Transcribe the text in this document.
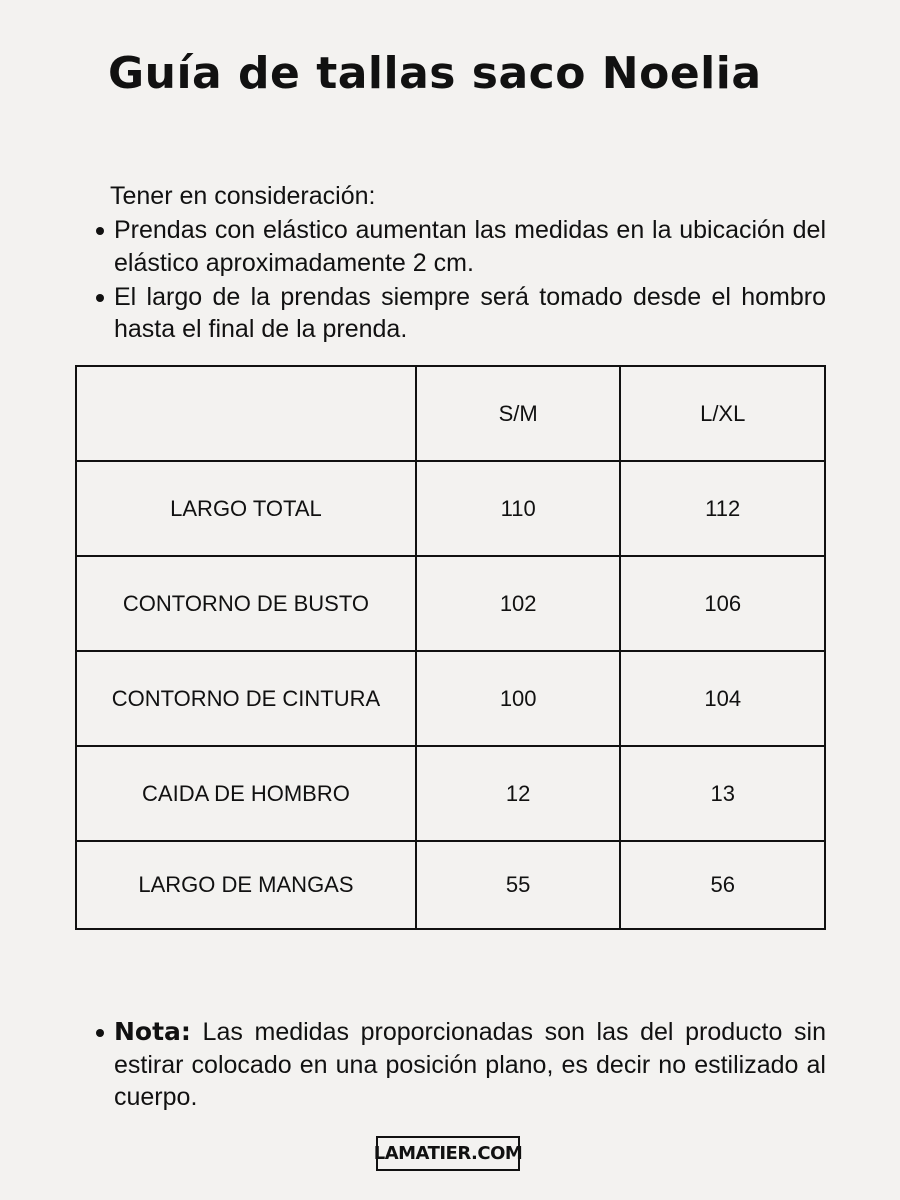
Guía de tallas saco Noelia
Tener en consideración:
Prendas con elástico aumentan las medidas en la ubicación del elástico aproximadamente 2 cm.
El largo de la prendas siempre será tomado desde el hombro hasta el final de la prenda.
	S/M	L/XL
LARGO TOTAL	110	112
CONTORNO DE BUSTO	102	106
CONTORNO DE CINTURA	100	104
CAIDA DE HOMBRO	12	13
LARGO DE MANGAS	55	56
Nota: Las medidas proporcionadas son las del producto sin estirar colocado en una posición plano, es decir no estilizado al cuerpo.
LAMATIER.COM
